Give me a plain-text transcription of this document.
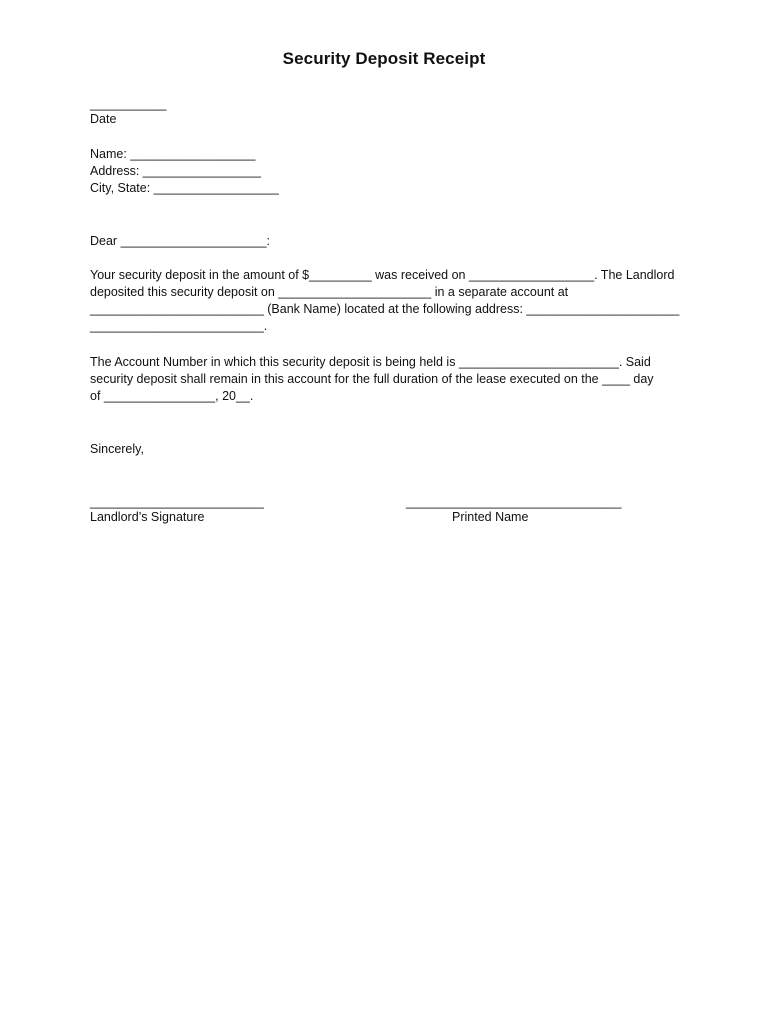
Security Deposit Receipt
___________
Date
Name: __________________
Address: _________________
City, State: __________________
Dear _____________________:
Your security deposit in the amount of $_________ was received on __________________. The Landlord
deposited this security deposit on ______________________ in a separate account at
_________________________ (Bank Name) located at the following address: ______________________
_________________________.
The Account Number in which this security deposit is being held is _______________________. Said
security deposit shall remain in this account for the full duration of the lease executed on the ____ day
of ________________, 20__.
Sincerely,
_________________________
Landlord’s Signature
_______________________________
Printed Name
